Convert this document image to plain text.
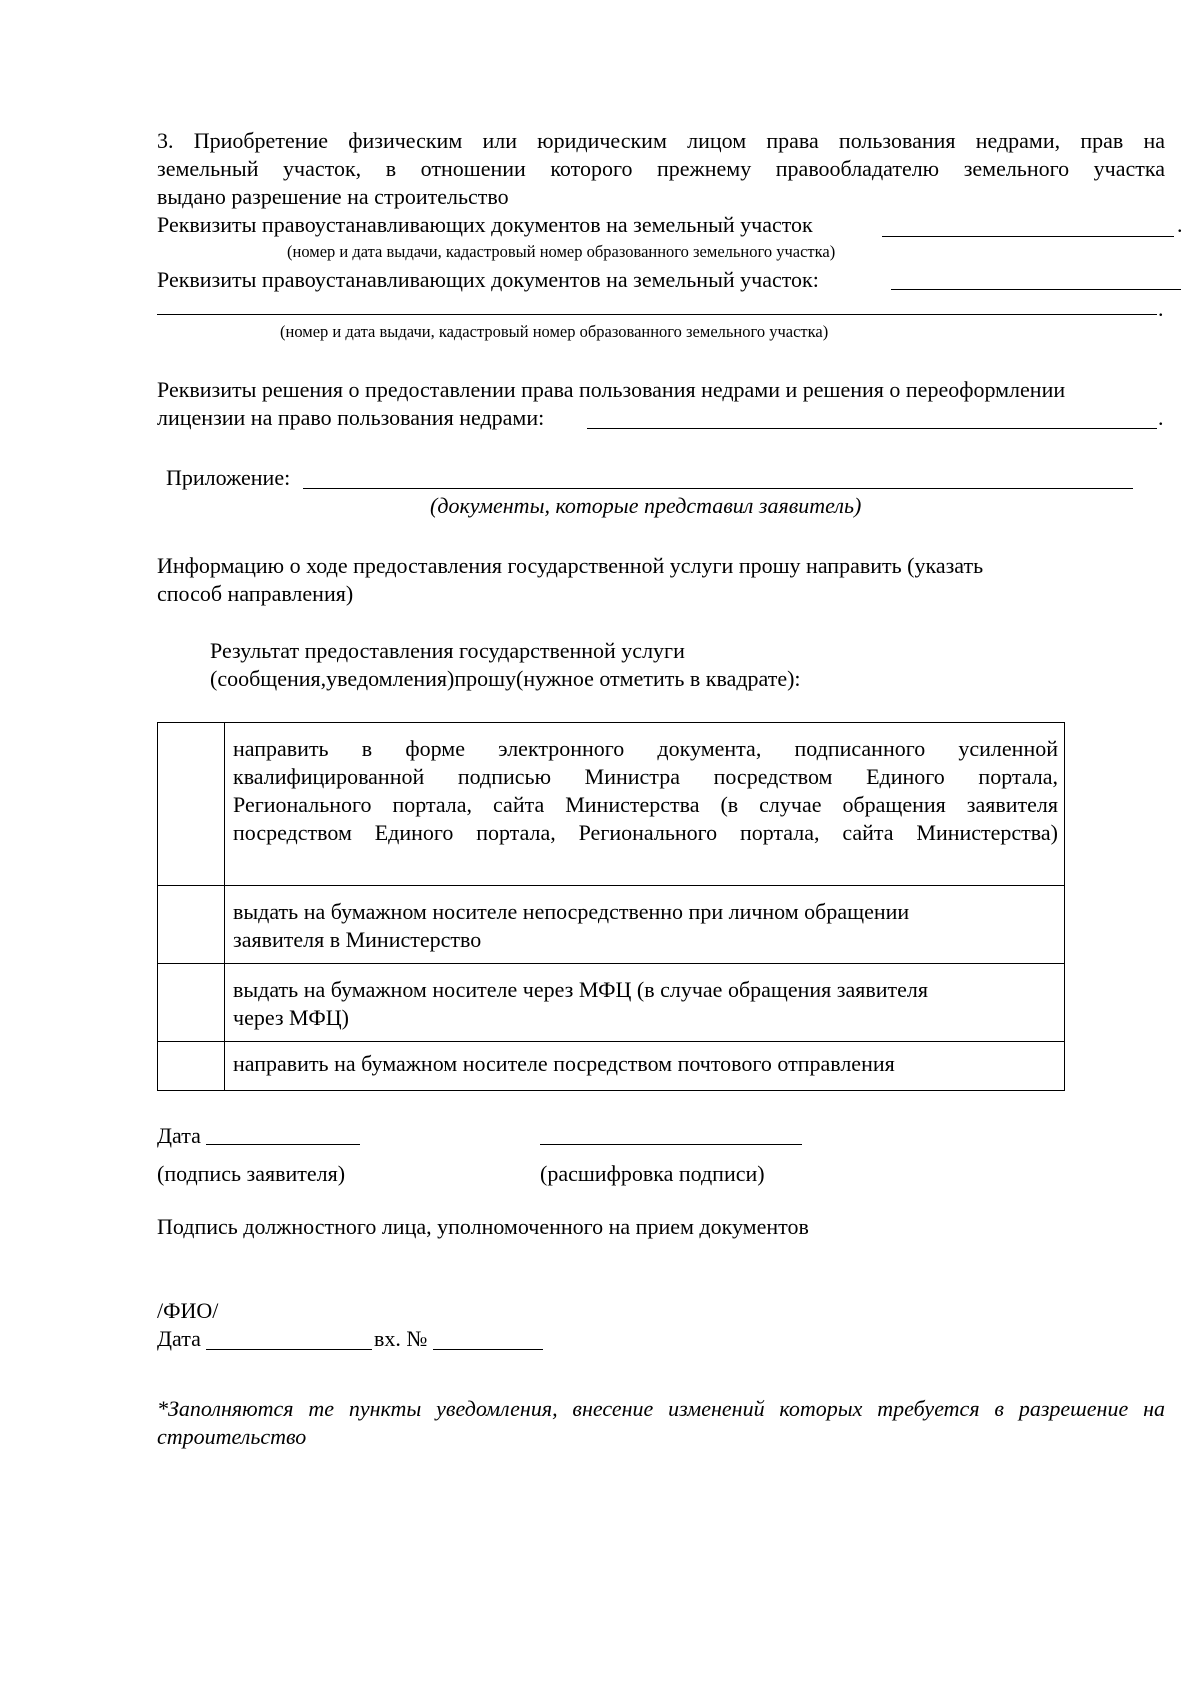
3. Приобретение физическим или юридическим лицом права пользования недрами, прав на
земельный участок, в отношении которого прежнему правообладателю земельного участка
выдано разрешение на строительство
Реквизиты правоустанавливающих документов на земельный участок	.
(номер и дата выдачи, кадастровый номер образованного земельного участка)
Реквизиты правоустанавливающих документов на земельный участок:
.
(номер и дата выдачи, кадастровый номер образованного земельного участка)
Реквизиты решения о предоставлении права пользования недрами и решения о переоформлении
лицензии на право пользования недрами:	.
Приложение:
(документы, которые представил заявитель)
Информацию о ходе предоставления государственной услуги прошу направить (указать
способ направления)
Результат предоставления государственной услуги
(сообщения,уведомления)прошу(нужное отметить в квадрате):

	направить в форме электронного документа, подписанного усиленной
квалифицированной подписью Министра посредством Единого портала,
Регионального портала, сайта Министерства (в случае обращения заявителя
посредством Единого портала, Регионального портала, сайта Министерства)

	выдать на бумажном носителе непосредственно при личном обращении
заявителя в Министерство

	выдать на бумажном носителе через МФЦ (в случае обращения заявителя
через МФЦ)

	направить на бумажном носителе посредством почтового отправления
Дата
(подпись заявителя)	(расшифровка подписи)
Подпись должностного лица, уполномоченного на прием документов
/ФИО/
Дата	вх. №
*Заполняются те пункты уведомления, внесение изменений которых требуется в разрешение на
строительство
